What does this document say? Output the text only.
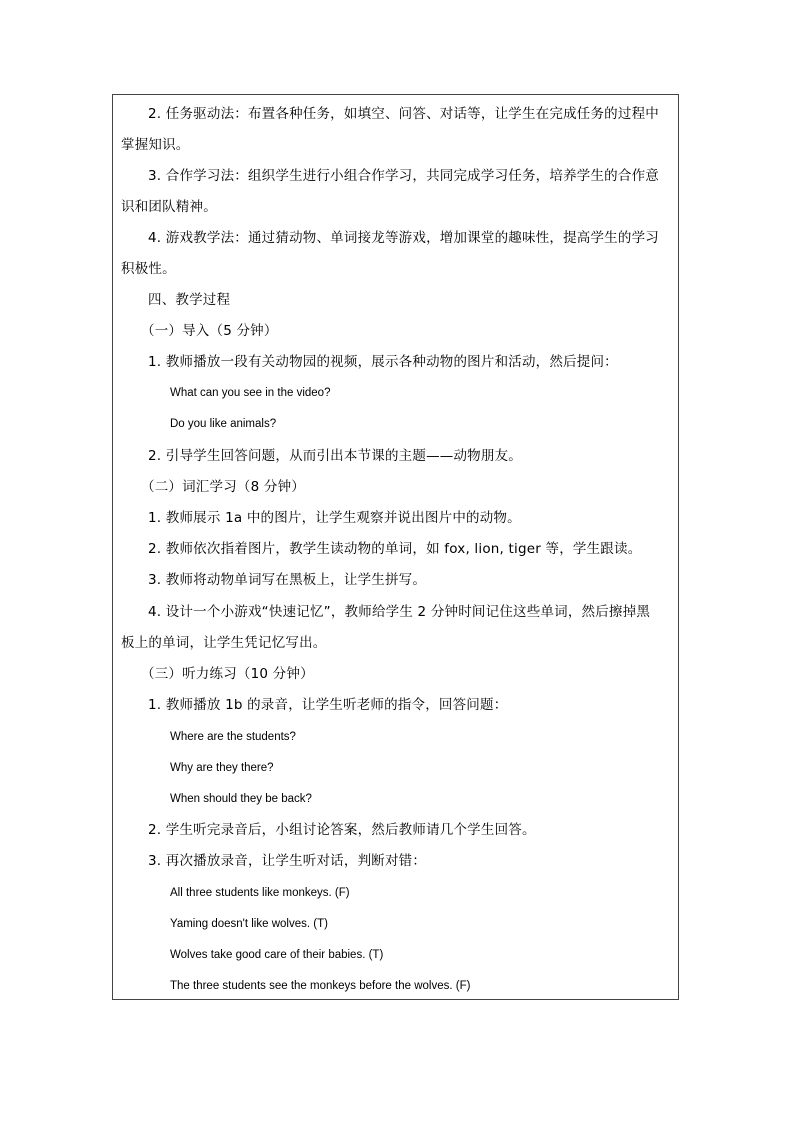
2. 任务驱动法：布置各种任务，如填空、问答、对话等，让学生在完成任务的过程中
掌握知识。
3. 合作学习法：组织学生进行小组合作学习，共同完成学习任务，培养学生的合作意
识和团队精神。
4. 游戏教学法：通过猜动物、单词接龙等游戏，增加课堂的趣味性，提高学生的学习
积极性。
四、教学过程
（一）导入（5 分钟）
1. 教师播放一段有关动物园的视频，展示各种动物的图片和活动，然后提问：
What can you see in the video?
Do you like animals?
2. 引导学生回答问题，从而引出本节课的主题——动物朋友。
（二）词汇学习（8 分钟）
1. 教师展示 1a 中的图片，让学生观察并说出图片中的动物。
2. 教师依次指着图片，教学生读动物的单词，如 fox, lion, tiger 等，学生跟读。
3. 教师将动物单词写在黑板上，让学生拼写。
4. 设计一个小游戏“快速记忆”，教师给学生 2 分钟时间记住这些单词，然后擦掉黑
板上的单词，让学生凭记忆写出。
（三）听力练习（10 分钟）
1. 教师播放 1b 的录音，让学生听老师的指令，回答问题：
Where are the students?
Why are they there?
When should they be back?
2. 学生听完录音后，小组讨论答案，然后教师请几个学生回答。
3. 再次播放录音，让学生听对话，判断对错：
All three students like monkeys. (F)
Yaming doesn't like wolves. (T)
Wolves take good care of their babies. (T)
The three students see the monkeys before the wolves. (F)
